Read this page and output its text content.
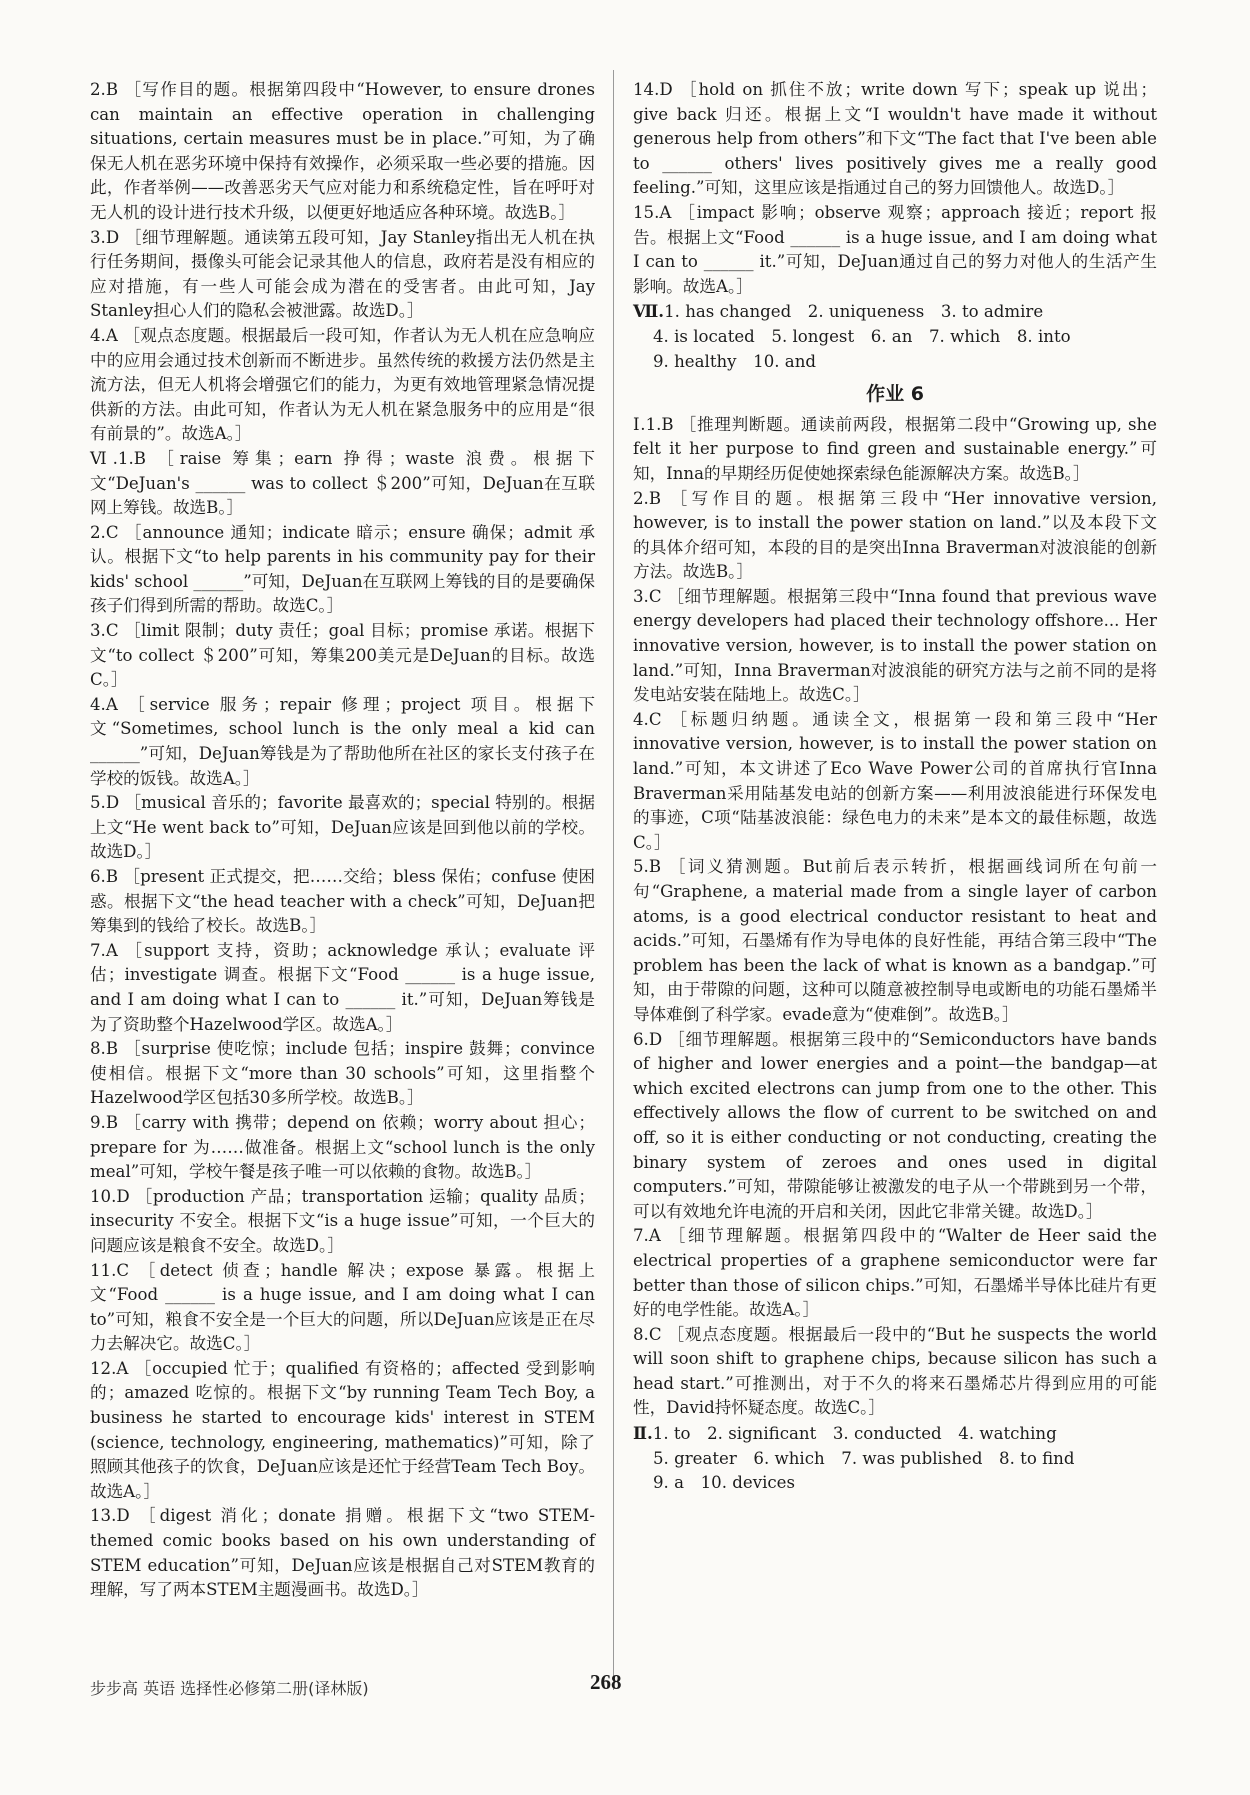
2.B ［写作目的题。根据第四段中“However, to ensure drones can maintain an effective operation in challenging situations, certain measures must be in place.”可知，为了确保无人机在恶劣环境中保持有效操作，必须采取一些必要的措施。因此，作者举例——改善恶劣天气应对能力和系统稳定性，旨在呼吁对无人机的设计进行技术升级，以便更好地适应各种环境。故选B。］

3.D ［细节理解题。通读第五段可知，Jay Stanley指出无人机在执行任务期间，摄像头可能会记录其他人的信息，政府若是没有相应的应对措施，有一些人可能会成为潜在的受害者。由此可知，Jay Stanley担心人们的隐私会被泄露。故选D。］

4.A ［观点态度题。根据最后一段可知，作者认为无人机在应急响应中的应用会通过技术创新而不断进步。虽然传统的救援方法仍然是主流方法，但无人机将会增强它们的能力，为更有效地管理紧急情况提供新的方法。由此可知，作者认为无人机在紧急服务中的应用是“很有前景的”。故选A。］

Ⅵ.1.B ［raise 筹集；earn 挣得；waste 浪费。根据下文“DeJuan's ______ was to collect ＄200”可知，DeJuan在互联网上筹钱。故选B。］

2.C ［announce 通知；indicate 暗示；ensure 确保；admit 承认。根据下文“to help parents in his community pay for their kids' school ______”可知，DeJuan在互联网上筹钱的目的是要确保孩子们得到所需的帮助。故选C。］

3.C ［limit 限制；duty 责任；goal 目标；promise 承诺。根据下文“to collect ＄200”可知，筹集200美元是DeJuan的目标。故选C。］

4.A ［service 服务；repair 修理；project 项目。根据下文“Sometimes, school lunch is the only meal a kid can ______”可知，DeJuan筹钱是为了帮助他所在社区的家长支付孩子在学校的饭钱。故选A。］

5.D ［musical 音乐的；favorite 最喜欢的；special 特别的。根据上文“He went back to”可知，DeJuan应该是回到他以前的学校。故选D。］

6.B ［present 正式提交，把……交给；bless 保佑；confuse 使困惑。根据下文“the head teacher with a check”可知，DeJuan把筹集到的钱给了校长。故选B。］

7.A ［support 支持，资助；acknowledge 承认；evaluate 评估；investigate 调查。根据下文“Food ______ is a huge issue, and I am doing what I can to ______ it.”可知，DeJuan筹钱是为了资助整个Hazelwood学区。故选A。］

8.B ［surprise 使吃惊；include 包括；inspire 鼓舞；convince 使相信。根据下文“more than 30 schools”可知，这里指整个Hazelwood学区包括30多所学校。故选B。］

9.B ［carry with 携带；depend on 依赖；worry about 担心；prepare for 为……做准备。根据上文“school lunch is the only meal”可知，学校午餐是孩子唯一可以依赖的食物。故选B。］

10.D ［production 产品；transportation 运输；quality 品质；insecurity 不安全。根据下文“is a huge issue”可知，一个巨大的问题应该是粮食不安全。故选D。］

11.C ［detect 侦查；handle 解决；expose 暴露。根据上文“Food ______ is a huge issue, and I am doing what I can to”可知，粮食不安全是一个巨大的问题，所以DeJuan应该是正在尽力去解决它。故选C。］

12.A ［occupied 忙于；qualified 有资格的；affected 受到影响的；amazed 吃惊的。根据下文“by running Team Tech Boy, a business he started to encourage kids' interest in STEM (science, technology, engineering, mathematics)”可知，除了照顾其他孩子的饮食，DeJuan应该是还忙于经营Team Tech Boy。故选A。］

13.D ［digest 消化；donate 捐赠。根据下文“two STEM-themed comic books based on his own understanding of STEM education”可知，DeJuan应该是根据自己对STEM教育的理解，写了两本STEM主题漫画书。故选D。］

14.D ［hold on 抓住不放；write down 写下；speak up 说出；give back 归还。根据上文“I wouldn't have made it without generous help from others”和下文“The fact that I've been able to ______ others' lives positively gives me a really good feeling.”可知，这里应该是指通过自己的努力回馈他人。故选D。］

15.A ［impact 影响；observe 观察；approach 接近；report 报告。根据上文“Food ______ is a huge issue, and I am doing what I can to ______ it.”可知，DeJuan通过自己的努力对他人的生活产生影响。故选A。］

Ⅶ.1. has changed　2. uniqueness　3. to admire

4. is located　5. longest　6. an　7. which　8. into

9. healthy　10. and

作业 6

Ⅰ.1.B ［推理判断题。通读前两段，根据第二段中“Growing up, she felt it her purpose to find green and sustainable energy.”可知，Inna的早期经历促使她探索绿色能源解决方案。故选B。］

2.B ［写作目的题。根据第三段中“Her innovative version, however, is to install the power station on land.”以及本段下文的具体介绍可知，本段的目的是突出Inna Braverman对波浪能的创新方法。故选B。］

3.C ［细节理解题。根据第三段中“Inna found that previous wave energy developers had placed their technology offshore... Her innovative version, however, is to install the power station on land.”可知，Inna Braverman对波浪能的研究方法与之前不同的是将发电站安装在陆地上。故选C。］

4.C ［标题归纳题。通读全文，根据第一段和第三段中“Her innovative version, however, is to install the power station on land.”可知，本文讲述了Eco Wave Power公司的首席执行官Inna Braverman采用陆基发电站的创新方案——利用波浪能进行环保发电的事迹，C项“陆基波浪能：绿色电力的未来”是本文的最佳标题，故选C。］

5.B ［词义猜测题。But前后表示转折，根据画线词所在句前一句“Graphene, a material made from a single layer of carbon atoms, is a good electrical conductor resistant to heat and acids.”可知，石墨烯有作为导电体的良好性能，再结合第三段中“The problem has been the lack of what is known as a bandgap.”可知，由于带隙的问题，这种可以随意被控制导电或断电的功能石墨烯半导体难倒了科学家。evade意为“使难倒”。故选B。］

6.D ［细节理解题。根据第三段中的“Semiconductors have bands of higher and lower energies and a point—the bandgap—at which excited electrons can jump from one to the other. This effectively allows the flow of current to be switched on and off, so it is either conducting or not conducting, creating the binary system of zeroes and ones used in digital computers.”可知，带隙能够让被激发的电子从一个带跳到另一个带，可以有效地允许电流的开启和关闭，因此它非常关键。故选D。］

7.A ［细节理解题。根据第四段中的“Walter de Heer said the electrical properties of a graphene semiconductor were far better than those of silicon chips.”可知，石墨烯半导体比硅片有更好的电学性能。故选A。］

8.C ［观点态度题。根据最后一段中的“But he suspects the world will soon shift to graphene chips, because silicon has such a head start.”可推测出，对于不久的将来石墨烯芯片得到应用的可能性，David持怀疑态度。故选C。］

Ⅱ.1. to　2. significant　3. conducted　4. watching

5. greater　6. which　7. was published　8. to find

9. a　10. devices

步步高 英语 选择性必修第二册(译林版)	268
